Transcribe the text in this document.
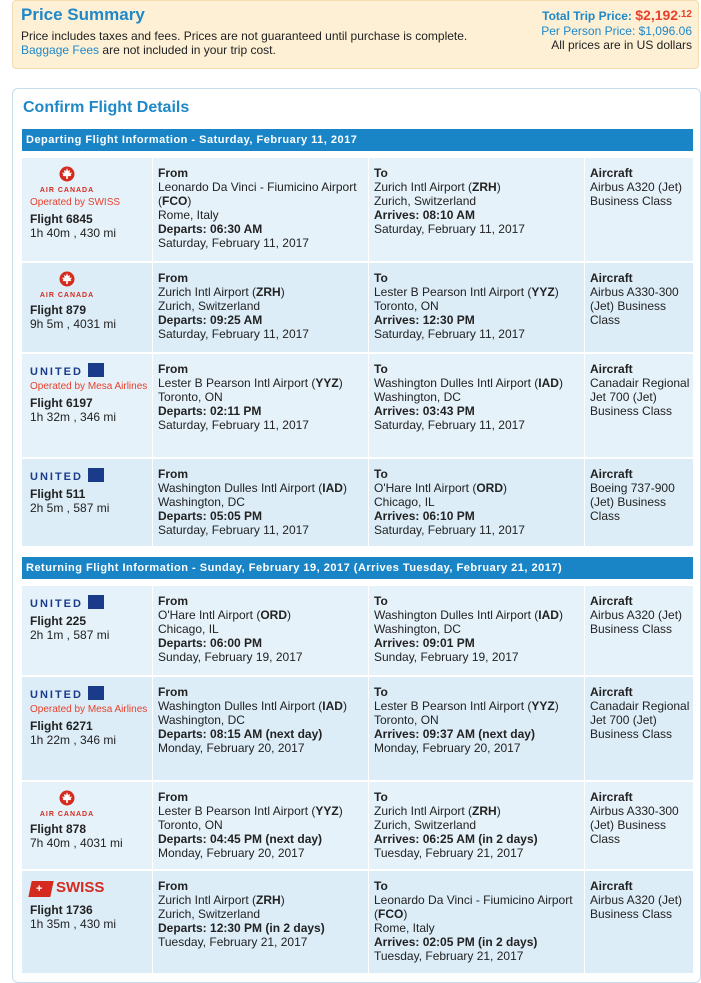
Price Summary
Price includes taxes and fees. Prices are not guaranteed until purchase is complete.
Baggage Fees are not included in your trip cost.
Total Trip Price: $\$2,192^{.12}$
Per Person Price: $1,096.06
All prices are in US dollars
Confirm Flight Details
Departing Flight Information - Saturday, February 11, 2017
Returning Flight Information - Sunday, February 19, 2017 (Arrives Tuesday, February 21, 2017)
AIR CANADA
Operated by SWISS
Flight 6845
1h 40m , 430 mi
From
Leonardo Da Vinci - Fiumicino Airport (FCO)
Rome, Italy
Departs: 06:30 AM
Saturday, February 11, 2017
To
Zurich Intl Airport (ZRH)
Zurich, Switzerland
Arrives: 08:10 AM
Saturday, February 11, 2017
Aircraft
Airbus A320 (Jet) Business Class
AIR CANADA
Flight 879
9h 5m , 4031 mi
From
Zurich Intl Airport (ZRH)
Zurich, Switzerland
Departs: 09:25 AM
Saturday, February 11, 2017
To
Lester B Pearson Intl Airport (YYZ)
Toronto, ON
Arrives: 12:30 PM
Saturday, February 11, 2017
Aircraft
Airbus A330-300 (Jet) Business Class
UNITED
Operated by Mesa Airlines
Flight 6197
1h 32m , 346 mi
From
Lester B Pearson Intl Airport (YYZ)
Toronto, ON
Departs: 02:11 PM
Saturday, February 11, 2017
To
Washington Dulles Intl Airport (IAD)
Washington, DC
Arrives: 03:43 PM
Saturday, February 11, 2017
Aircraft
Canadair Regional Jet 700 (Jet) Business Class
UNITED
Flight 511
2h 5m , 587 mi
From
Washington Dulles Intl Airport (IAD)
Washington, DC
Departs: 05:05 PM
Saturday, February 11, 2017
To
O'Hare Intl Airport (ORD)
Chicago, IL
Arrives: 06:10 PM
Saturday, February 11, 2017
Aircraft
Boeing 737-900 (Jet) Business Class
UNITED
Flight 225
2h 1m , 587 mi
From
O'Hare Intl Airport (ORD)
Chicago, IL
Departs: 06:00 PM
Sunday, February 19, 2017
To
Washington Dulles Intl Airport (IAD)
Washington, DC
Arrives: 09:01 PM
Sunday, February 19, 2017
Aircraft
Airbus A320 (Jet) Business Class
UNITED
Operated by Mesa Airlines
Flight 6271
1h 22m , 346 mi
From
Washington Dulles Intl Airport (IAD)
Washington, DC
Departs: 08:15 AM (next day)
Monday, February 20, 2017
To
Lester B Pearson Intl Airport (YYZ)
Toronto, ON
Arrives: 09:37 AM (next day)
Monday, February 20, 2017
Aircraft
Canadair Regional Jet 700 (Jet) Business Class
AIR CANADA
Flight 878
7h 40m , 4031 mi
From
Lester B Pearson Intl Airport (YYZ)
Toronto, ON
Departs: 04:45 PM (next day)
Monday, February 20, 2017
To
Zurich Intl Airport (ZRH)
Zurich, Switzerland
Arrives: 06:25 AM (in 2 days)
Tuesday, February 21, 2017
Aircraft
Airbus A330-300 (Jet) Business Class
+ SWISS
Flight 1736
1h 35m , 430 mi
From
Zurich Intl Airport (ZRH)
Zurich, Switzerland
Departs: 12:30 PM (in 2 days)
Tuesday, February 21, 2017
To
Leonardo Da Vinci - Fiumicino Airport (FCO)
Rome, Italy
Arrives: 02:05 PM (in 2 days)
Tuesday, February 21, 2017
Aircraft
Airbus A320 (Jet) Business Class
